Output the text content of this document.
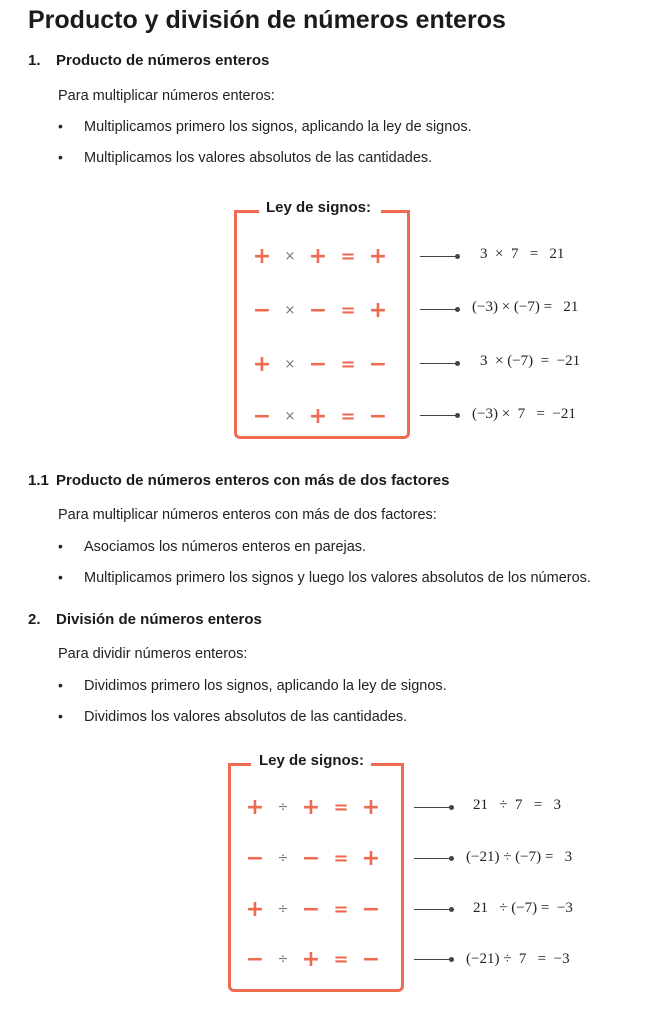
Producto y división de números enteros
1. Producto de números enteros
Para multiplicar números enteros:
• Multiplicamos primero los signos, aplicando la ley de signos.
• Multiplicamos los valores absolutos de las cantidades.
Ley de signos:
+	× + = +
−	× − = +
+	× − = −
−	× + = −
3  ×  7   =   21
(−3) × (−7) =   21
3  × (−7)  =  −21
(−3) ×  7   =  −21
1.1 Producto de números enteros con más de dos factores
Para multiplicar números enteros con más de dos factores:
• Asociamos los números enteros en parejas.
• Multiplicamos primero los signos y luego los valores absolutos de los números.
2. División de números enteros
Para dividir números enteros:
• Dividimos primero los signos, aplicando la ley de signos.
• Dividimos los valores absolutos de las cantidades.
Ley de signos:
+	÷ + = +
−	÷ − = +
+	÷ − = −
−	÷ + = −
21   ÷  7   =   3
(−21) ÷ (−7) =   3
21   ÷ (−7) =  −3
(−21) ÷  7   =  −3
